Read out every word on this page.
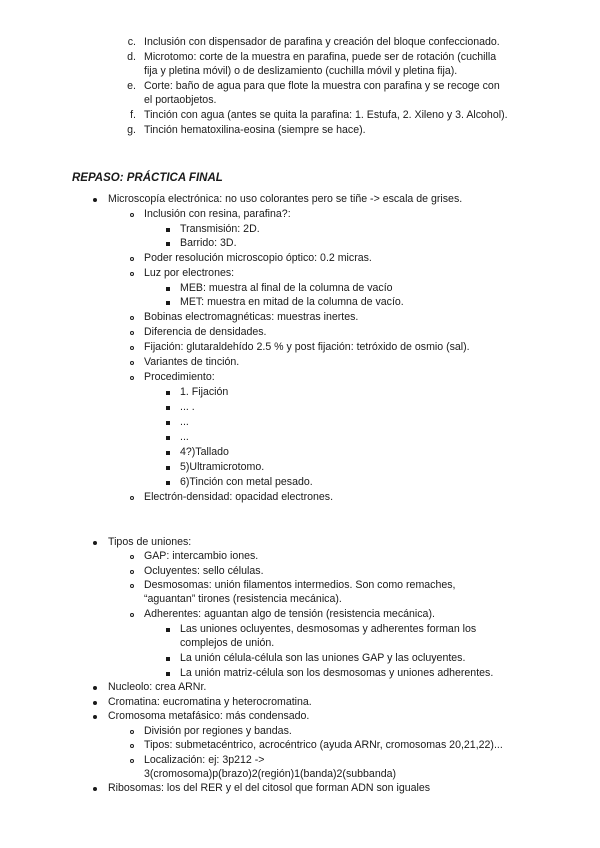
c. Inclusión con dispensador de parafina y creación del bloque confeccionado.
d. Microtomo: corte de la muestra en parafina, puede ser de rotación (cuchilla
fija y pletina móvil) o de deslizamiento (cuchilla móvil y pletina fija).
e. Corte: baño de agua para que flote la muestra con parafina y se recoge con
el portaobjetos.
f. Tinción con agua (antes se quita la parafina: 1. Estufa, 2. Xileno y 3. Alcohol).
g. Tinción hematoxilina-eosina (siempre se hace).
REPASO: PRÁCTICA FINAL
Microscopía electrónica: no uso colorantes pero se tiñe -> escala de grises.
Inclusión con resina, parafina?:
Transmisión: 2D.
Barrido: 3D.
Poder resolución microscopio óptico: 0.2 micras.
Luz por electrones:
MEB: muestra al final de la columna de vacío
MET: muestra en mitad de la columna de vacío.
Bobinas electromagnéticas: muestras inertes.
Diferencia de densidades.
Fijación: glutaraldehído 2.5 % y post fijación: tetróxido de osmio (sal).
Variantes de tinción.
Procedimiento:
1. Fijación
... .
...
...
4?)Tallado
5)Ultramicrotomo.
6)Tinción con metal pesado.
Electrón-densidad: opacidad electrones.
Tipos de uniones:
GAP: intercambio iones.
Ocluyentes: sello células.
Desmosomas: unión filamentos intermedios. Son como remaches,
“aguantan” tirones (resistencia mecánica).
Adherentes: aguantan algo de tensión (resistencia mecánica).
Las uniones ocluyentes, desmosomas y adherentes forman los
complejos de unión.
La unión célula-célula son las uniones GAP y las ocluyentes.
La unión matriz-célula son los desmosomas y uniones adherentes.
Nucleolo: crea ARNr.
Cromatina: eucromatina y heterocromatina.
Cromosoma metafásico: más condensado.
División por regiones y bandas.
Tipos: submetacéntrico, acrocéntrico (ayuda ARNr, cromosomas 20,21,22)...
Localización: ej: 3p212 ->
3(cromosoma)p(brazo)2(región)1(banda)2(subbanda)
Ribosomas: los del RER y el del citosol que forman ADN son iguales
